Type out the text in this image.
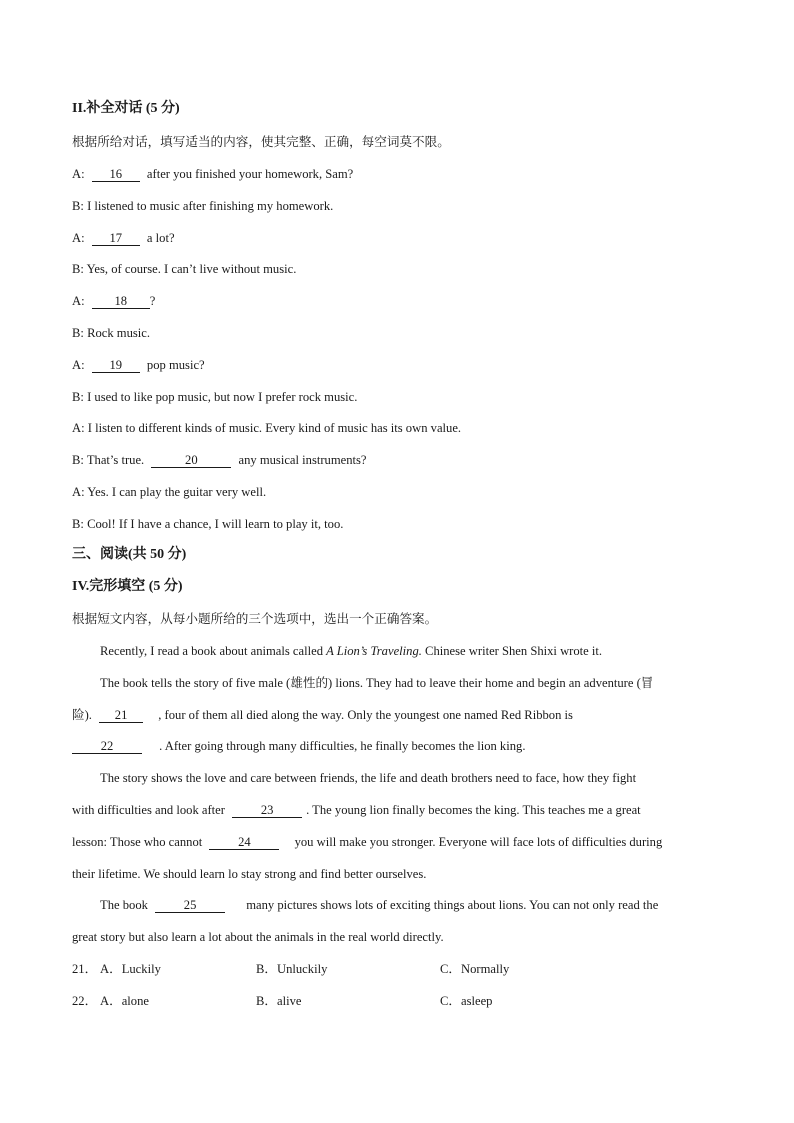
II.补全对话 (5 分)
根据所给对话，填写适当的内容，使其完整、正确，每空词莫不限。
A: 16 after you finished your homework, Sam?
B: I listened to music after finishing my homework.
A: 17 a lot?
B: Yes, of course. I can’t live without music.
A: 18 ?
B: Rock music.
A: 19 pop music?
B: I used to like pop music, but now I prefer rock music.
A: I listen to different kinds of music. Every kind of music has its own value.
B: That’s true.	20	any musical instruments?
A: Yes. I can play the guitar very well.
B: Cool! If I have a chance, I will learn to play it, too.
三、阅读(共 50 分)
IV.完形填空 (5 分)
根据短文内容，从每小题所给的三个选项中，选出一个正确答案。
Recently, I read a book about animals called A Lion’s Traveling. Chinese writer Shen Shixi wrote it.
The book tells the story of five male (雄性的) lions. They had to leave their home and begin an adventure (冒
险). 21 , four of them all died along the way. Only the youngest one named Red Ribbon is
22	. After going through many difficulties, he finally becomes the lion king.
The story shows the love and care between friends, the life and death brothers need to face, how they fight
with difficulties and look after	23	. The young lion finally becomes the king. This teaches me a great
lesson: Those who cannot	24	you will make you stronger. Everyone will face lots of difficulties during
their lifetime. We should learn lo stay strong and find better ourselves.
The book	25	many pictures shows lots of exciting things about lions. You can not only read the
great story but also learn a lot about the animals in the real world directly.
21． A．Luckily	B．Unluckily	C．Normally
22． A．alone	B．alive	C．asleep
